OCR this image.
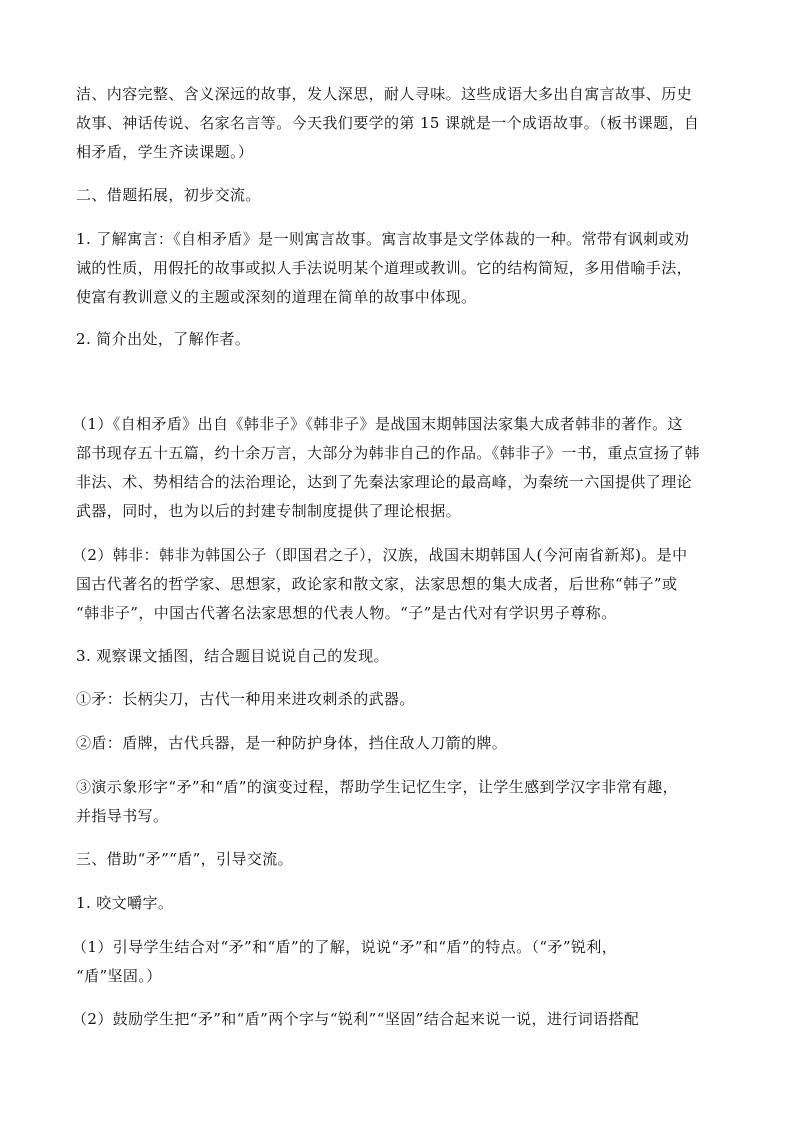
洁、内容完整、含义深远的故事，发人深思，耐人寻味。这些成语大多出自寓言故事、历史
故事、神话传说、名家名言等。今天我们要学的第 15 课就是一个成语故事。（板书课题，自
相矛盾，学生齐读课题。）
二、借题拓展，初步交流。
1. 了解寓言：《自相矛盾》是一则寓言故事。寓言故事是文学体裁的一种。常带有讽刺或劝
诫的性质，用假托的故事或拟人手法说明某个道理或教训。它的结构简短，多用借喻手法，
使富有教训意义的主题或深刻的道理在简单的故事中体现。
2. 简介出处，了解作者。
（1）《自相矛盾》出自《韩非子》《韩非子》是战国末期韩国法家集大成者韩非的著作。这
部书现存五十五篇，约十余万言，大部分为韩非自己的作品。《韩非子》一书，重点宣扬了韩
非法、术、势相结合的法治理论，达到了先秦法家理论的最高峰，为秦统一六国提供了理论
武器，同时，也为以后的封建专制制度提供了理论根据。
（2）韩非：韩非为韩国公子（即国君之子），汉族，战国末期韩国人(今河南省新郑)。是中
国古代著名的哲学家、思想家，政论家和散文家，法家思想的集大成者，后世称“韩子”或
“韩非子”，中国古代著名法家思想的代表人物。“子”是古代对有学识男子尊称。
3. 观察课文插图，结合题目说说自己的发现。
①矛：长柄尖刀，古代一种用来进攻刺杀的武器。
②盾：盾牌，古代兵器，是一种防护身体，挡住敌人刀箭的牌。
③演示象形字“矛”和“盾”的演变过程，帮助学生记忆生字，让学生感到学汉字非常有趣，
并指导书写。
三、借助“矛”“盾”，引导交流。
1. 咬文嚼字。
（1）引导学生结合对“矛”和“盾”的了解，说说“矛”和“盾”的特点。（“矛”锐利，
“盾”坚固。）
（2）鼓励学生把“矛”和“盾”两个字与“锐利”“坚固”结合起来说一说，进行词语搭配
